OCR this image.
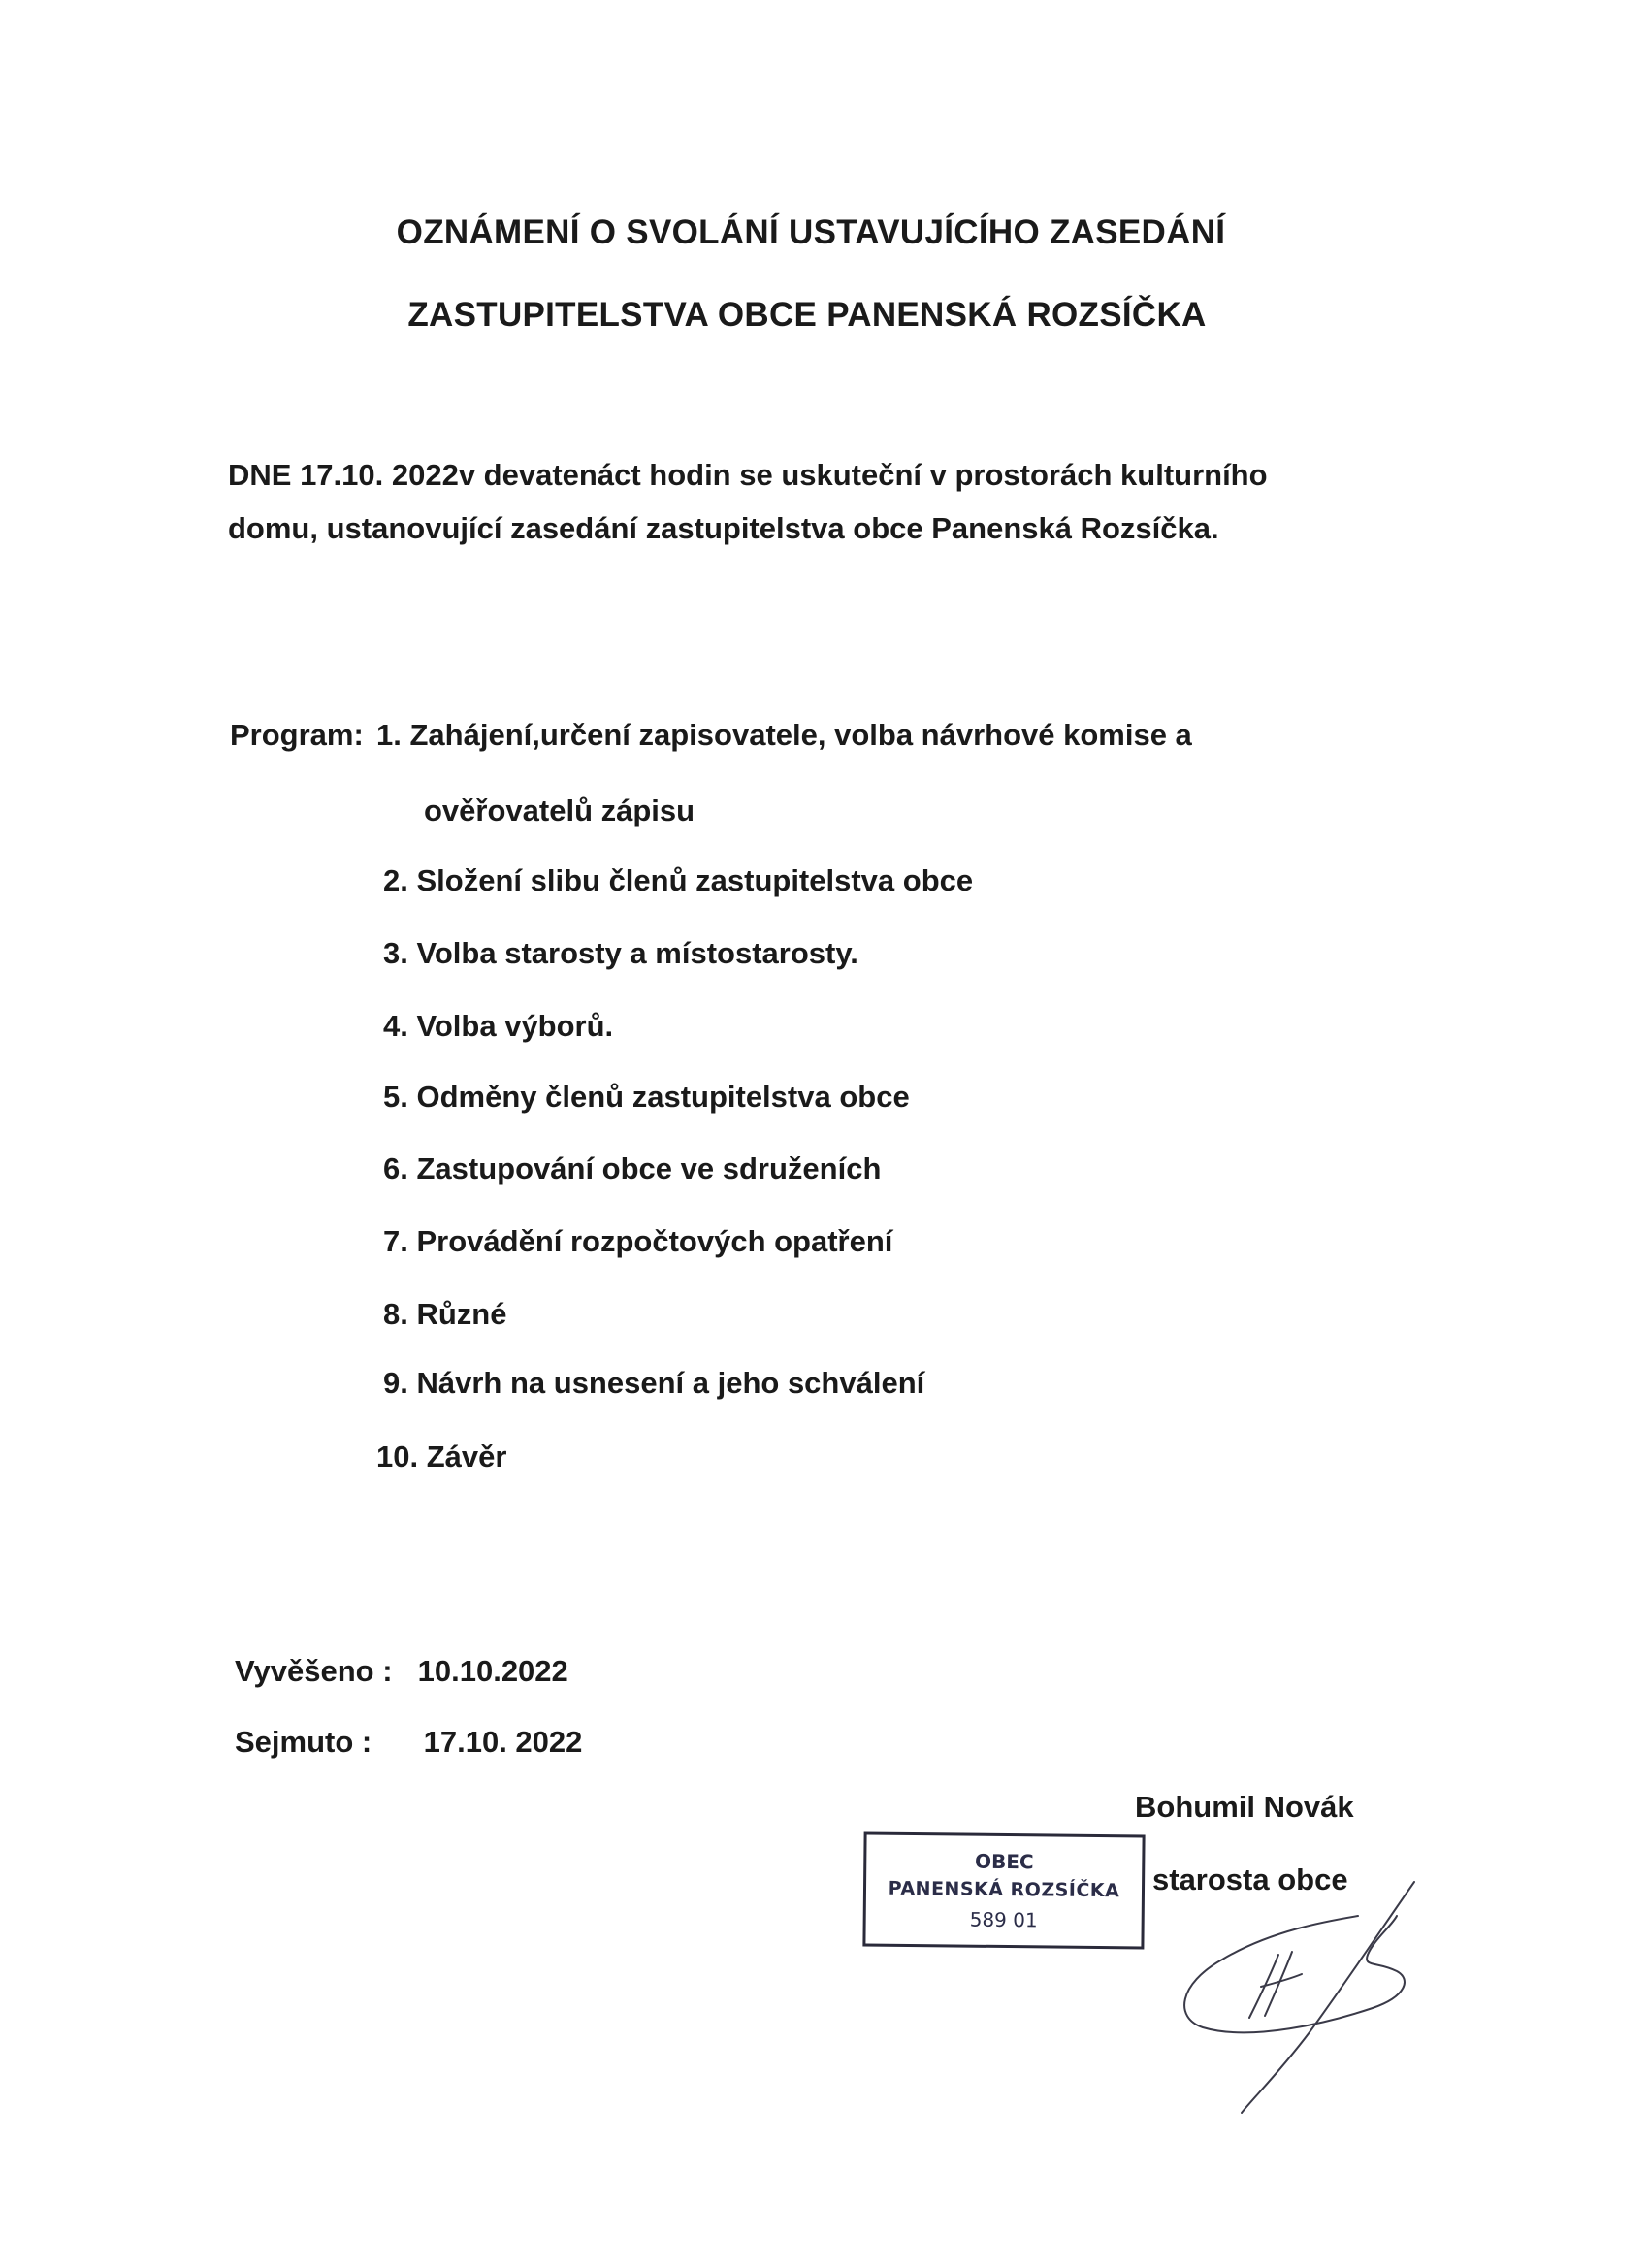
OZNÁMENÍ O SVOLÁNÍ USTAVUJÍCÍHO ZASEDÁNÍ
ZASTUPITELSTVA OBCE PANENSKÁ ROZSÍČKA
DNE 17.10. 2022v devatenáct hodin se uskuteční v prostorách kulturního
domu, ustanovující zasedání zastupitelstva obce Panenská Rozsíčka.
Program: 1. Zahájení,určení zapisovatele, volba návrhové komise a
ověřovatelů zápisu
2. Složení slibu členů zastupitelstva obce
3. Volba starosty a místostarosty.
4. Volba výborů.
5. Odměny členů zastupitelstva obce
6. Zastupování obce ve sdruženích
7. Provádění rozpočtových opatření
8. Různé
9. Návrh na usnesení a jeho schválení
10. Závěr
Vyvěšeno : 10.10.2022
Sejmuto : 17.10. 2022
Bohumil Novák
OBEC
PANENSKÁ ROZSÍČKA
589 01
starosta obce
